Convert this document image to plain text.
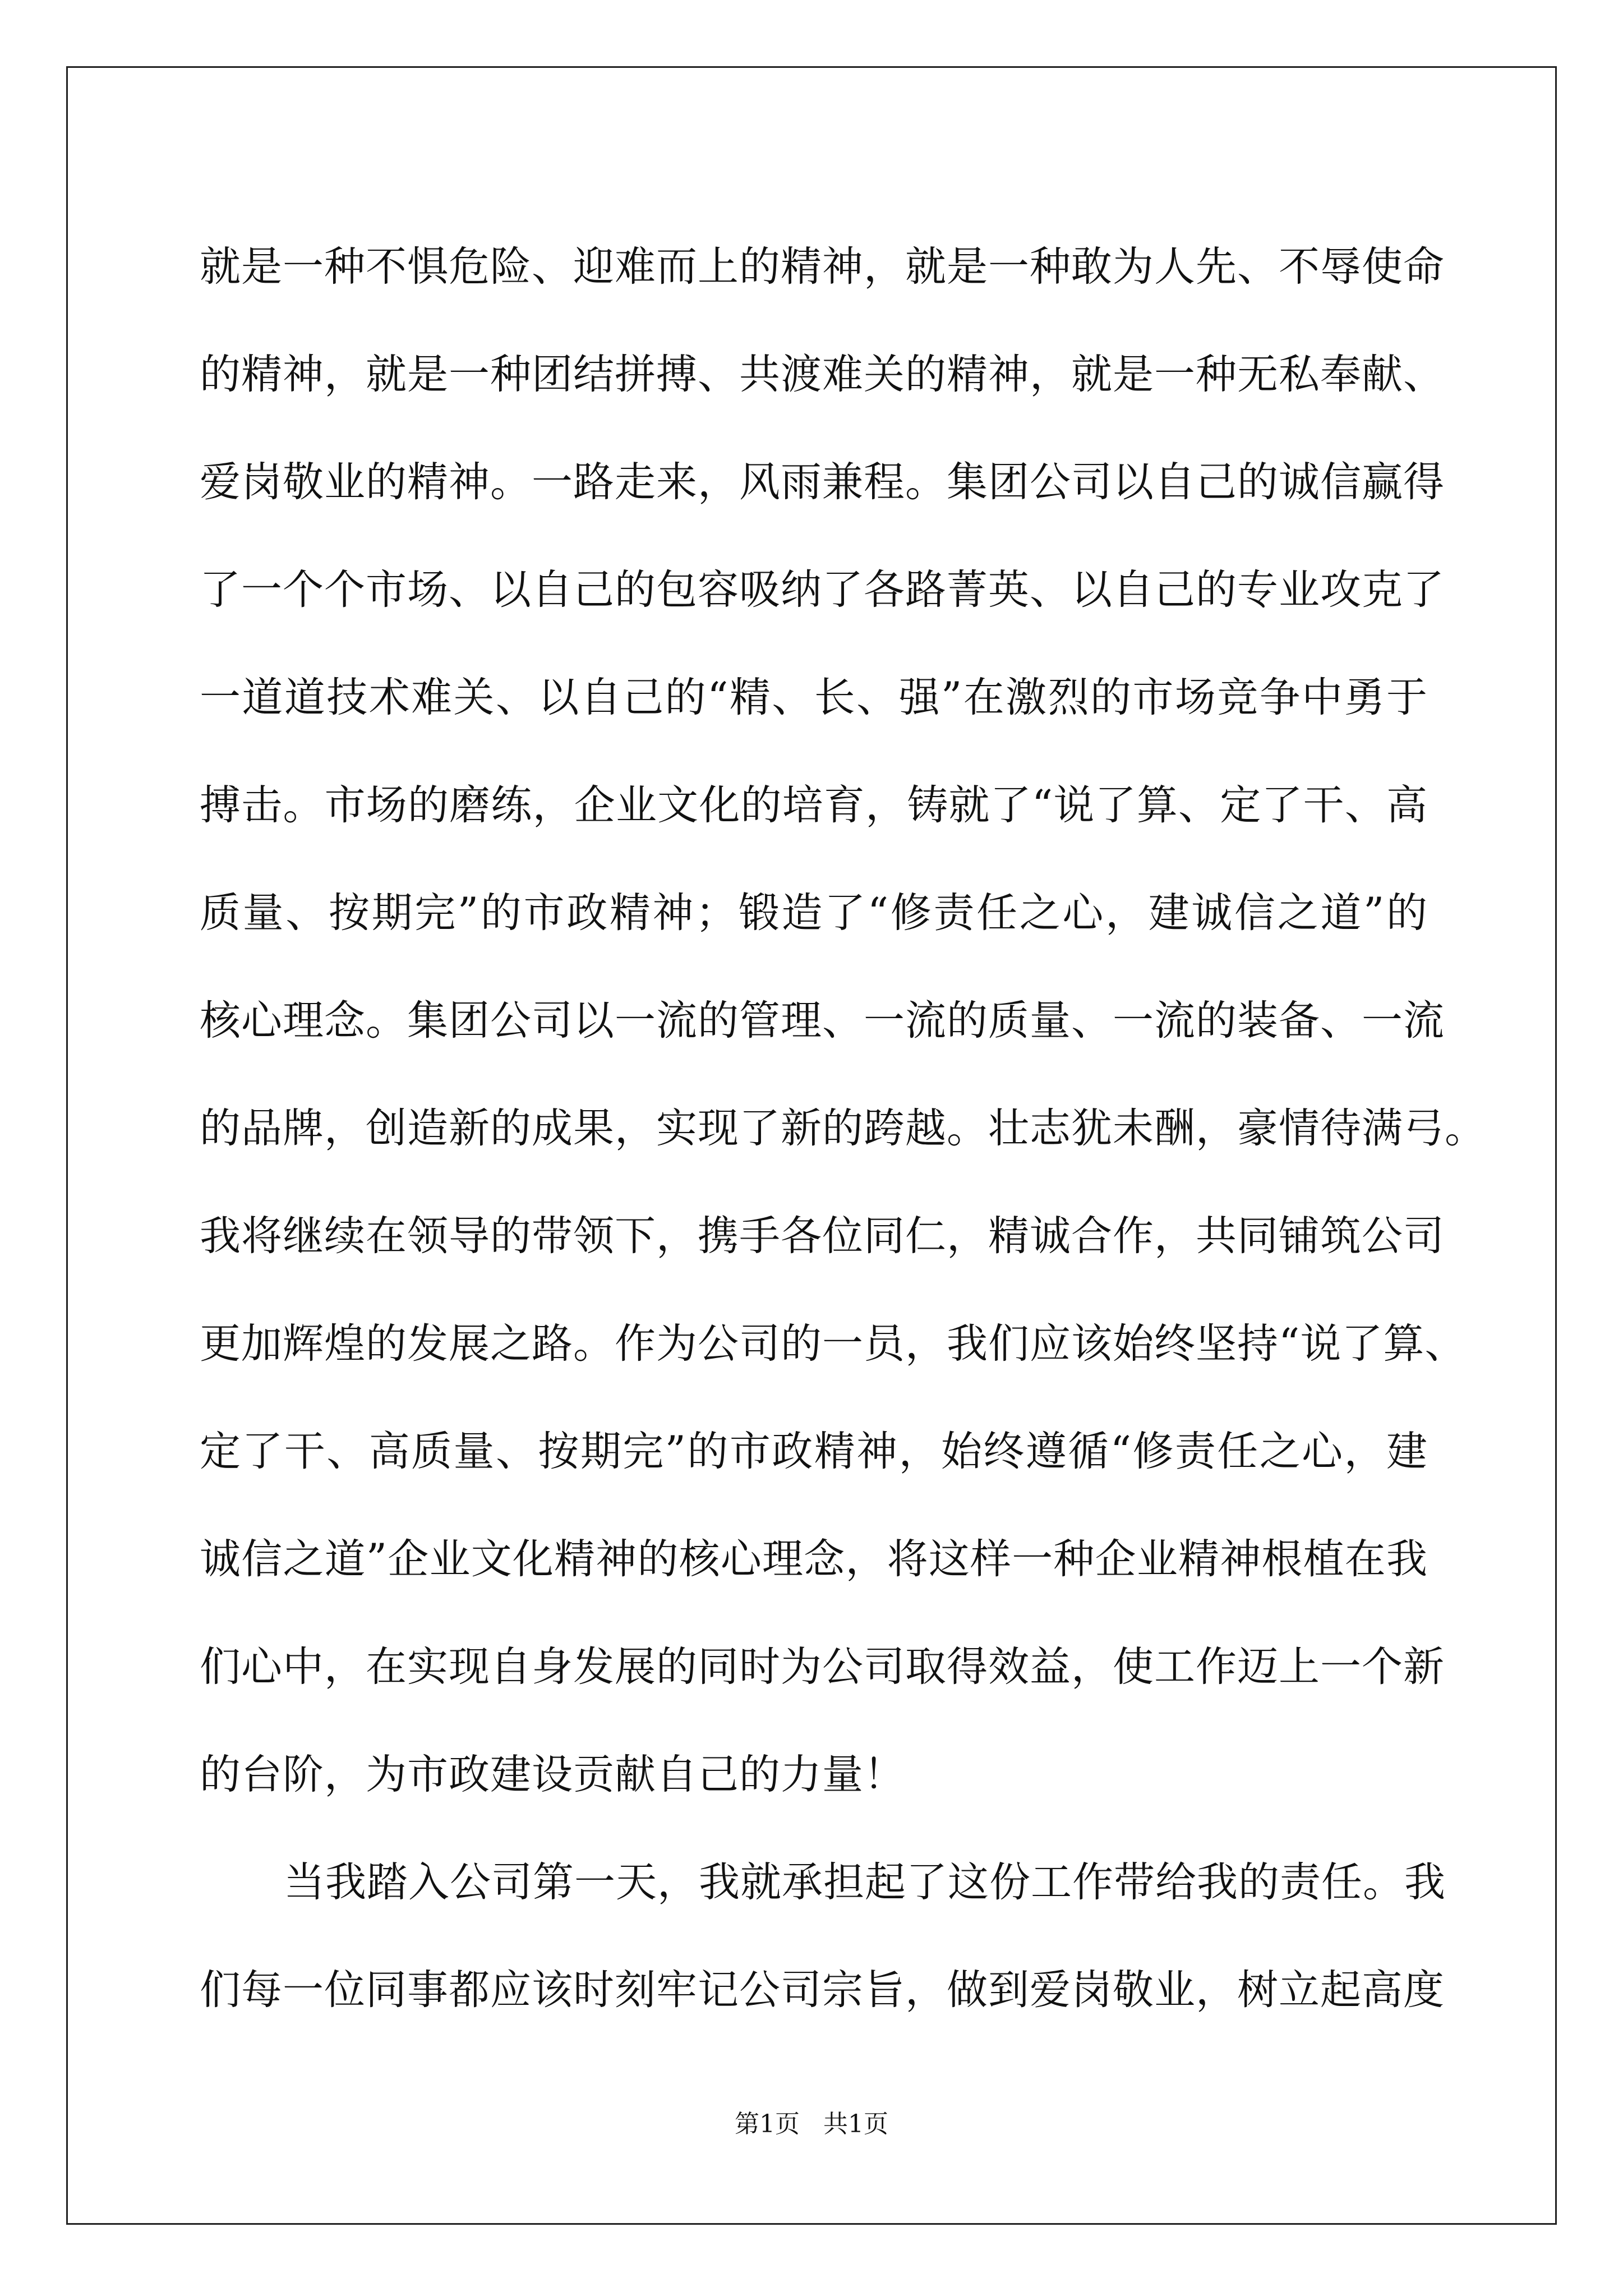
就是一种不惧危险、迎难而上的精神，就是一种敢为人先、不辱使命
的精神，就是一种团结拼搏、共渡难关的精神，就是一种无私奉献、
爱岗敬业的精神。一路走来，风雨兼程。集团公司以自己的诚信赢得
了一个个市场、以自己的包容吸纳了各路菁英、以自己的专业攻克了
一道道技术难关、以自己的“精、长、强”在激烈的市场竞争中勇于
搏击。市场的磨练，企业文化的培育，铸就了“说了算、定了干、高
质量、按期完”的市政精神；锻造了“修责任之心，建诚信之道”的
核心理念。集团公司以一流的管理、一流的质量、一流的装备、一流
的品牌，创造新的成果，实现了新的跨越。壮志犹未酬，豪情待满弓。
我将继续在领导的带领下，携手各位同仁，精诚合作，共同铺筑公司
更加辉煌的发展之路。作为公司的一员，我们应该始终坚持“说了算、
定了干、高质量、按期完”的市政精神，始终遵循“修责任之心，建
诚信之道”企业文化精神的核心理念，将这样一种企业精神根植在我
们心中，在实现自身发展的同时为公司取得效益，使工作迈上一个新
的台阶，为市政建设贡献自己的力量！
当我踏入公司第一天，我就承担起了这份工作带给我的责任。我
们每一位同事都应该时刻牢记公司宗旨，做到爱岗敬业，树立起高度
第1页   共1页
